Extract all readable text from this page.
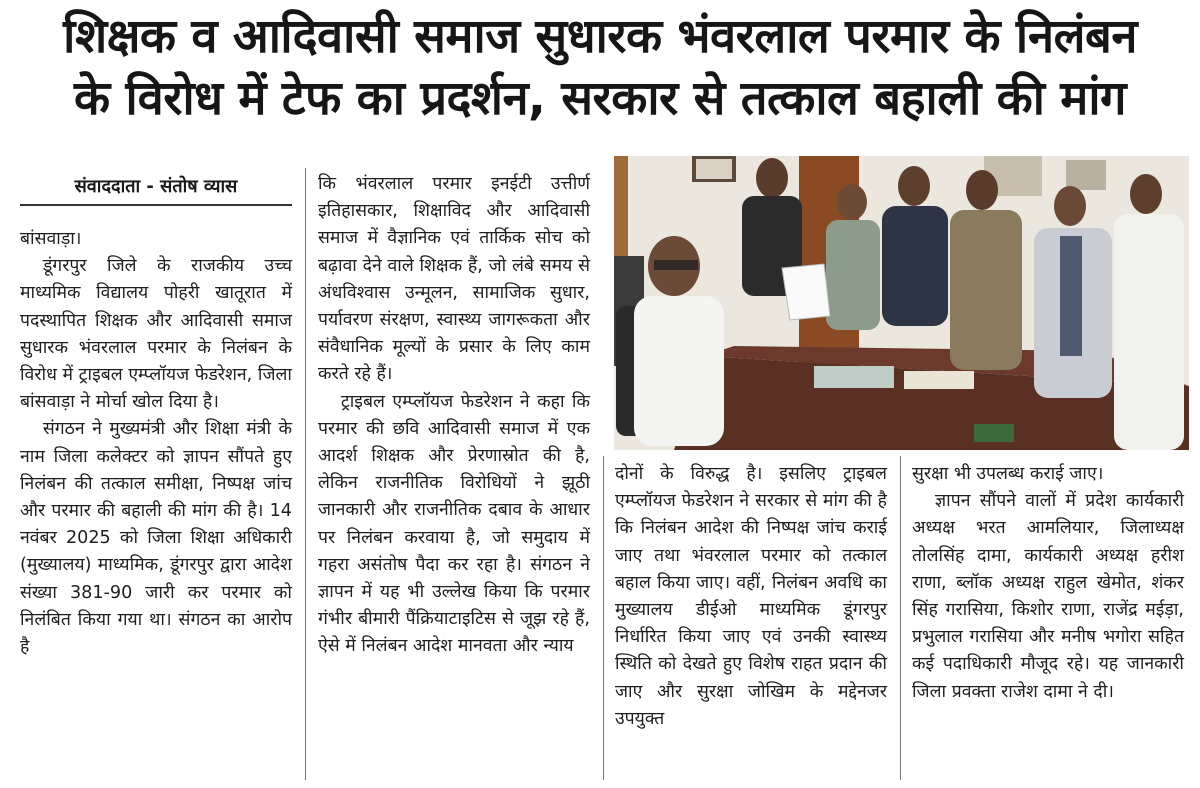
शिक्षक व आदिवासी समाज सुधारक भंवरलाल परमार के निलंबन
के विरोध में टेफ का प्रदर्शन, सरकार से तत्काल बहाली की मांग
संवाददाता - संतोष व्यास

बांसवाड़ा।

डूंगरपुर जिले के राजकीय उच्च माध्यमिक विद्यालय पोहरी खातूरात में पदस्थापित शिक्षक और आदिवासी समाज सुधारक भंवरलाल परमार के निलंबन के विरोध में ट्राइबल एम्प्लॉयज फेडरेशन, जिला बांसवाड़ा ने मोर्चा खोल दिया है।

संगठन ने मुख्यमंत्री और शिक्षा मंत्री के नाम जिला कलेक्टर को ज्ञापन सौंपते हुए निलंबन की तत्काल समीक्षा, निष्पक्ष जांच और परमार की बहाली की मांग की है। 14 नवंबर 2025 को जिला शिक्षा अधिकारी (मुख्यालय) माध्यमिक, डूंगरपुर द्वारा आदेश संख्या 381-90 जारी कर परमार को निलंबित किया गया था। संगठन का आरोप है

कि भंवरलाल परमार इनईटी उत्तीर्ण इतिहासकार, शिक्षाविद और आदिवासी समाज में वैज्ञानिक एवं तार्किक सोच को बढ़ावा देने वाले शिक्षक हैं, जो लंबे समय से अंधविश्वास उन्मूलन, सामाजिक सुधार, पर्यावरण संरक्षण, स्वास्थ्य जागरूकता और संवैधानिक मूल्यों के प्रसार के लिए काम करते रहे हैं।

ट्राइबल एम्प्लॉयज फेडरेशन ने कहा कि परमार की छवि आदिवासी समाज में एक आदर्श शिक्षक और प्रेरणास्रोत की है, लेकिन राजनीतिक विरोधियों ने झूठी जानकारी और राजनीतिक दबाव के आधार पर निलंबन करवाया है, जो समुदाय में गहरा असंतोष पैदा कर रहा है। संगठन ने ज्ञापन में यह भी उल्लेख किया कि परमार गंभीर बीमारी पैंक्रियाटाइटिस से जूझ रहे हैं, ऐसे में निलंबन आदेश मानवता और न्याय

दोनों के विरुद्ध है। इसलिए ट्राइबल एम्प्लॉयज फेडरेशन ने सरकार से मांग की है कि निलंबन आदेश की निष्पक्ष जांच कराई जाए तथा भंवरलाल परमार को तत्काल बहाल किया जाए। वहीं, निलंबन अवधि का मुख्यालय डीईओ माध्यमिक डूंगरपुर निर्धारित किया जाए एवं उनकी स्वास्थ्य स्थिति को देखते हुए विशेष राहत प्रदान की जाए और सुरक्षा जोखिम के मद्देनजर उपयुक्त

सुरक्षा भी उपलब्ध कराई जाए।

ज्ञापन सौंपने वालों में प्रदेश कार्यकारी अध्यक्ष भरत आमलियार, जिलाध्यक्ष तोलसिंह दामा, कार्यकारी अध्यक्ष हरीश राणा, ब्लॉक अध्यक्ष राहुल खेमोत, शंकर सिंह गरासिया, किशोर राणा, राजेंद्र मईड़ा, प्रभुलाल गरासिया और मनीष भगोरा सहित कई पदाधिकारी मौजूद रहे। यह जानकारी जिला प्रवक्ता राजेश दामा ने दी।
